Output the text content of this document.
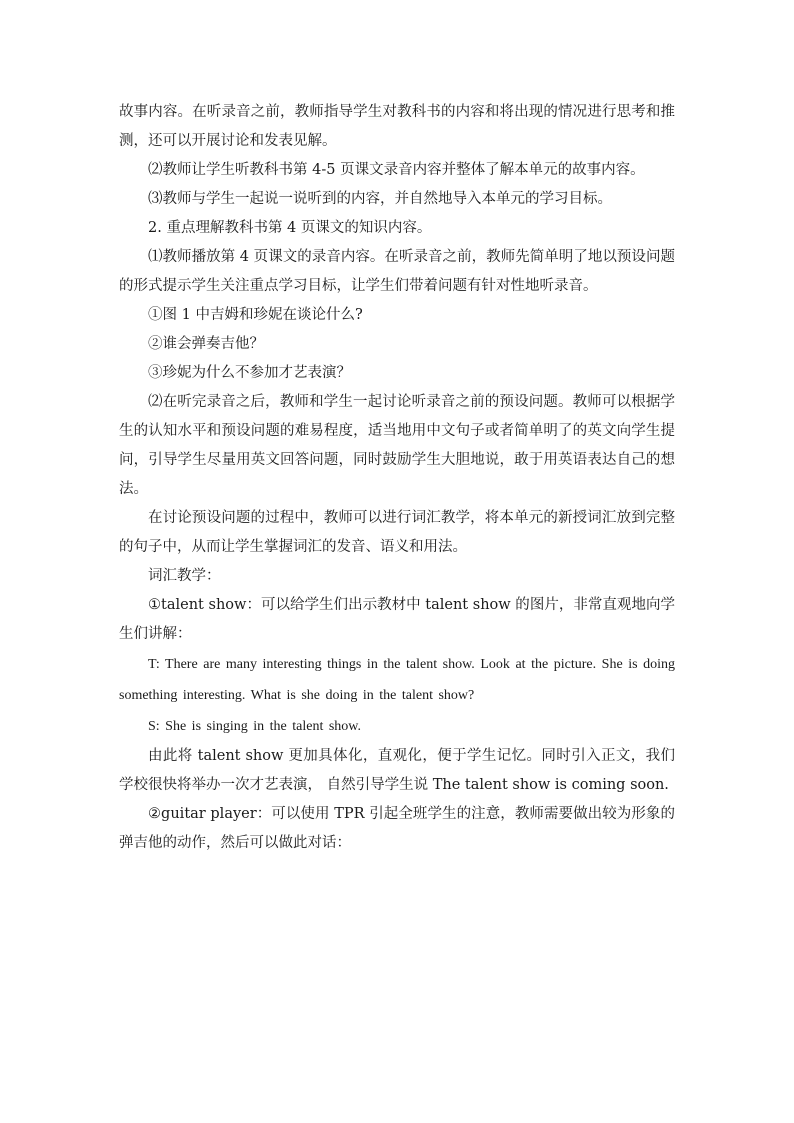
故事内容。在听录音之前，教师指导学生对教科书的内容和将出现的情况进行思考和推测，还可以开展讨论和发表见解。

⑵教师让学生听教科书第 4-5 页课文录音内容并整体了解本单元的故事内容。

⑶教师与学生一起说一说听到的内容，并自然地导入本单元的学习目标。

2. 重点理解教科书第 4 页课文的知识内容。

⑴教师播放第 4 页课文的录音内容。在听录音之前，教师先简单明了地以预设问题的形式提示学生关注重点学习目标，让学生们带着问题有针对性地听录音。

①图 1 中吉姆和珍妮在谈论什么?

②谁会弹奏吉他？

③珍妮为什么不参加才艺表演？

⑵在听完录音之后，教师和学生一起讨论听录音之前的预设问题。教师可以根据学生的认知水平和预设问题的难易程度，适当地用中文句子或者简单明了的英文向学生提问，引导学生尽量用英文回答问题，同时鼓励学生大胆地说，敢于用英语表达自己的想法。

在讨论预设问题的过程中，教师可以进行词汇教学，将本单元的新授词汇放到完整的句子中，从而让学生掌握词汇的发音、语义和用法。

词汇教学：

①talent show：可以给学生们出示教材中 talent show 的图片，非常直观地向学生们讲解：

T: There are many interesting things in the talent show. Look at the picture. She is doing something interesting. What is she doing in the talent show?

S: She is singing in the talent show.

由此将 talent show 更加具体化，直观化，便于学生记忆。同时引入正文，我们学校很快将举办一次才艺表演， 自然引导学生说 The talent show is coming soon.

②guitar player：可以使用 TPR 引起全班学生的注意，教师需要做出较为形象的弹吉他的动作，然后可以做此对话：
